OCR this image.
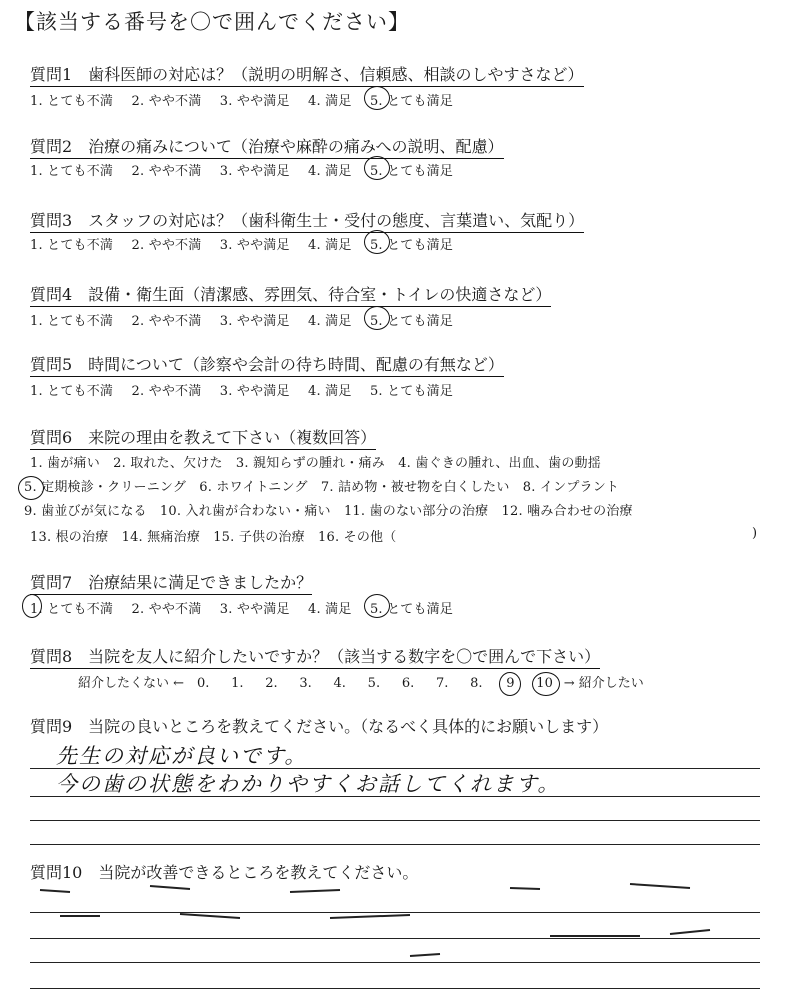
【該当する番号を〇で囲んでください】
質問1　歯科医師の対応は？（説明の明解さ、信頼感、相談のしやすさなど）
1. とても不満 2. やや不満 3. やや満足 4. 満足 5. とても満足
質問2　治療の痛みについて（治療や麻酔の痛みへの説明、配慮）
1. とても不満 2. やや不満 3. やや満足 4. 満足 5. とても満足
質問3　スタッフの対応は？（歯科衛生士・受付の態度、言葉遣い、気配り）
1. とても不満 2. やや不満 3. やや満足 4. 満足 5. とても満足
質問4　設備・衛生面（清潔感、雰囲気、待合室・トイレの快適さなど）
1. とても不満 2. やや不満 3. やや満足 4. 満足 5. とても満足
質問5　時間について（診察や会計の待ち時間、配慮の有無など）
1. とても不満 2. やや不満 3. やや満足 4. 満足 5. とても満足
質問6　来院の理由を教えて下さい（複数回答）
1. 歯が痛い　2. 取れた、欠けた　3. 親知らずの腫れ・痛み　4. 歯ぐきの腫れ、出血、歯の動揺
5. 定期検診・クリーニング　6. ホワイトニング　7. 詰め物・被せ物を白くしたい　8. インプラント
9. 歯並びが気になる　10. 入れ歯が合わない・痛い　11. 歯のない部分の治療　12. 噛み合わせの治療
13. 根の治療　14. 無痛治療　15. 子供の治療　16. その他（	)
質問7　治療結果に満足できましたか？
1. とても不満 2. やや不満 3. やや満足 4. 満足 5. とても満足
質問8　当院を友人に紹介したいですか？（該当する数字を〇で囲んで下さい）
紹介したくない ← 0. 1. 2. 3. 4. 5. 6. 7. 8. 9 10 → 紹介したい
質問9　当院の良いところを教えてください。（なるべく具体的にお願いします）
先生の対応が良いです。
今の歯の状態をわかりやすくお話してくれます。
質問10　当院が改善できるところを教えてください。
